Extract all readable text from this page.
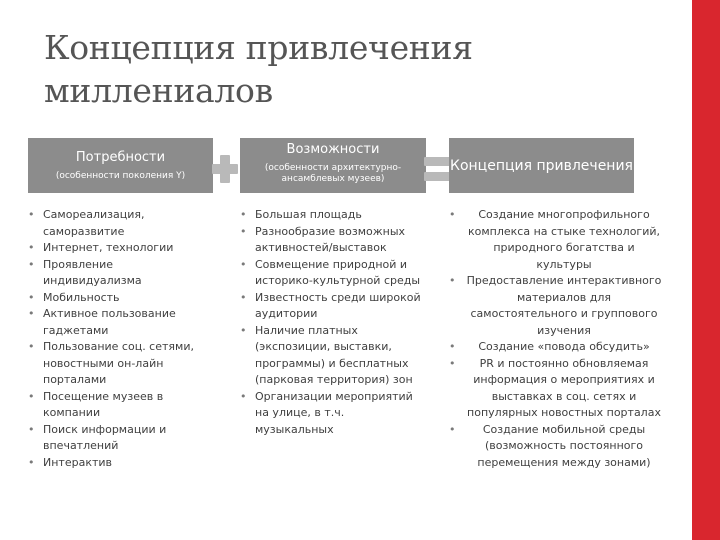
Концепция привлечения
миллениалов
Потребности
(особенности поколения Y)
Возможности
(особенности архитектурно-ансамблевых музеев)
Концепция привлечения
• Самореализация, саморазвитие
• Интернет, технологии
• Проявление индивидуализма
• Мобильность
• Активное пользование гаджетами
• Пользование соц. сетями, новостными он-лайн порталами
• Посещение музеев в компании
• Поиск информации и впечатлений
• Интерактив
• Большая площадь
• Разнообразие возможных активностей/выставок
• Совмещение природной и историко-культурной среды
• Известность среди широкой аудитории
• Наличие платных (экспозиции, выставки, программы) и бесплатных (парковая территория) зон
• Организации мероприятий на улице, в т.ч. музыкальных
• Создание многопрофильного комплекса на стыке технологий, природного богатства и культуры
• Предоставление интерактивного материалов для самостоятельного и группового изучения
• Создание «повода обсудить»
• PR и постоянно обновляемая информация о мероприятиях и выставках в соц. сетях и популярных новостных порталах
• Создание мобильной среды (возможность постоянного перемещения между зонами)
